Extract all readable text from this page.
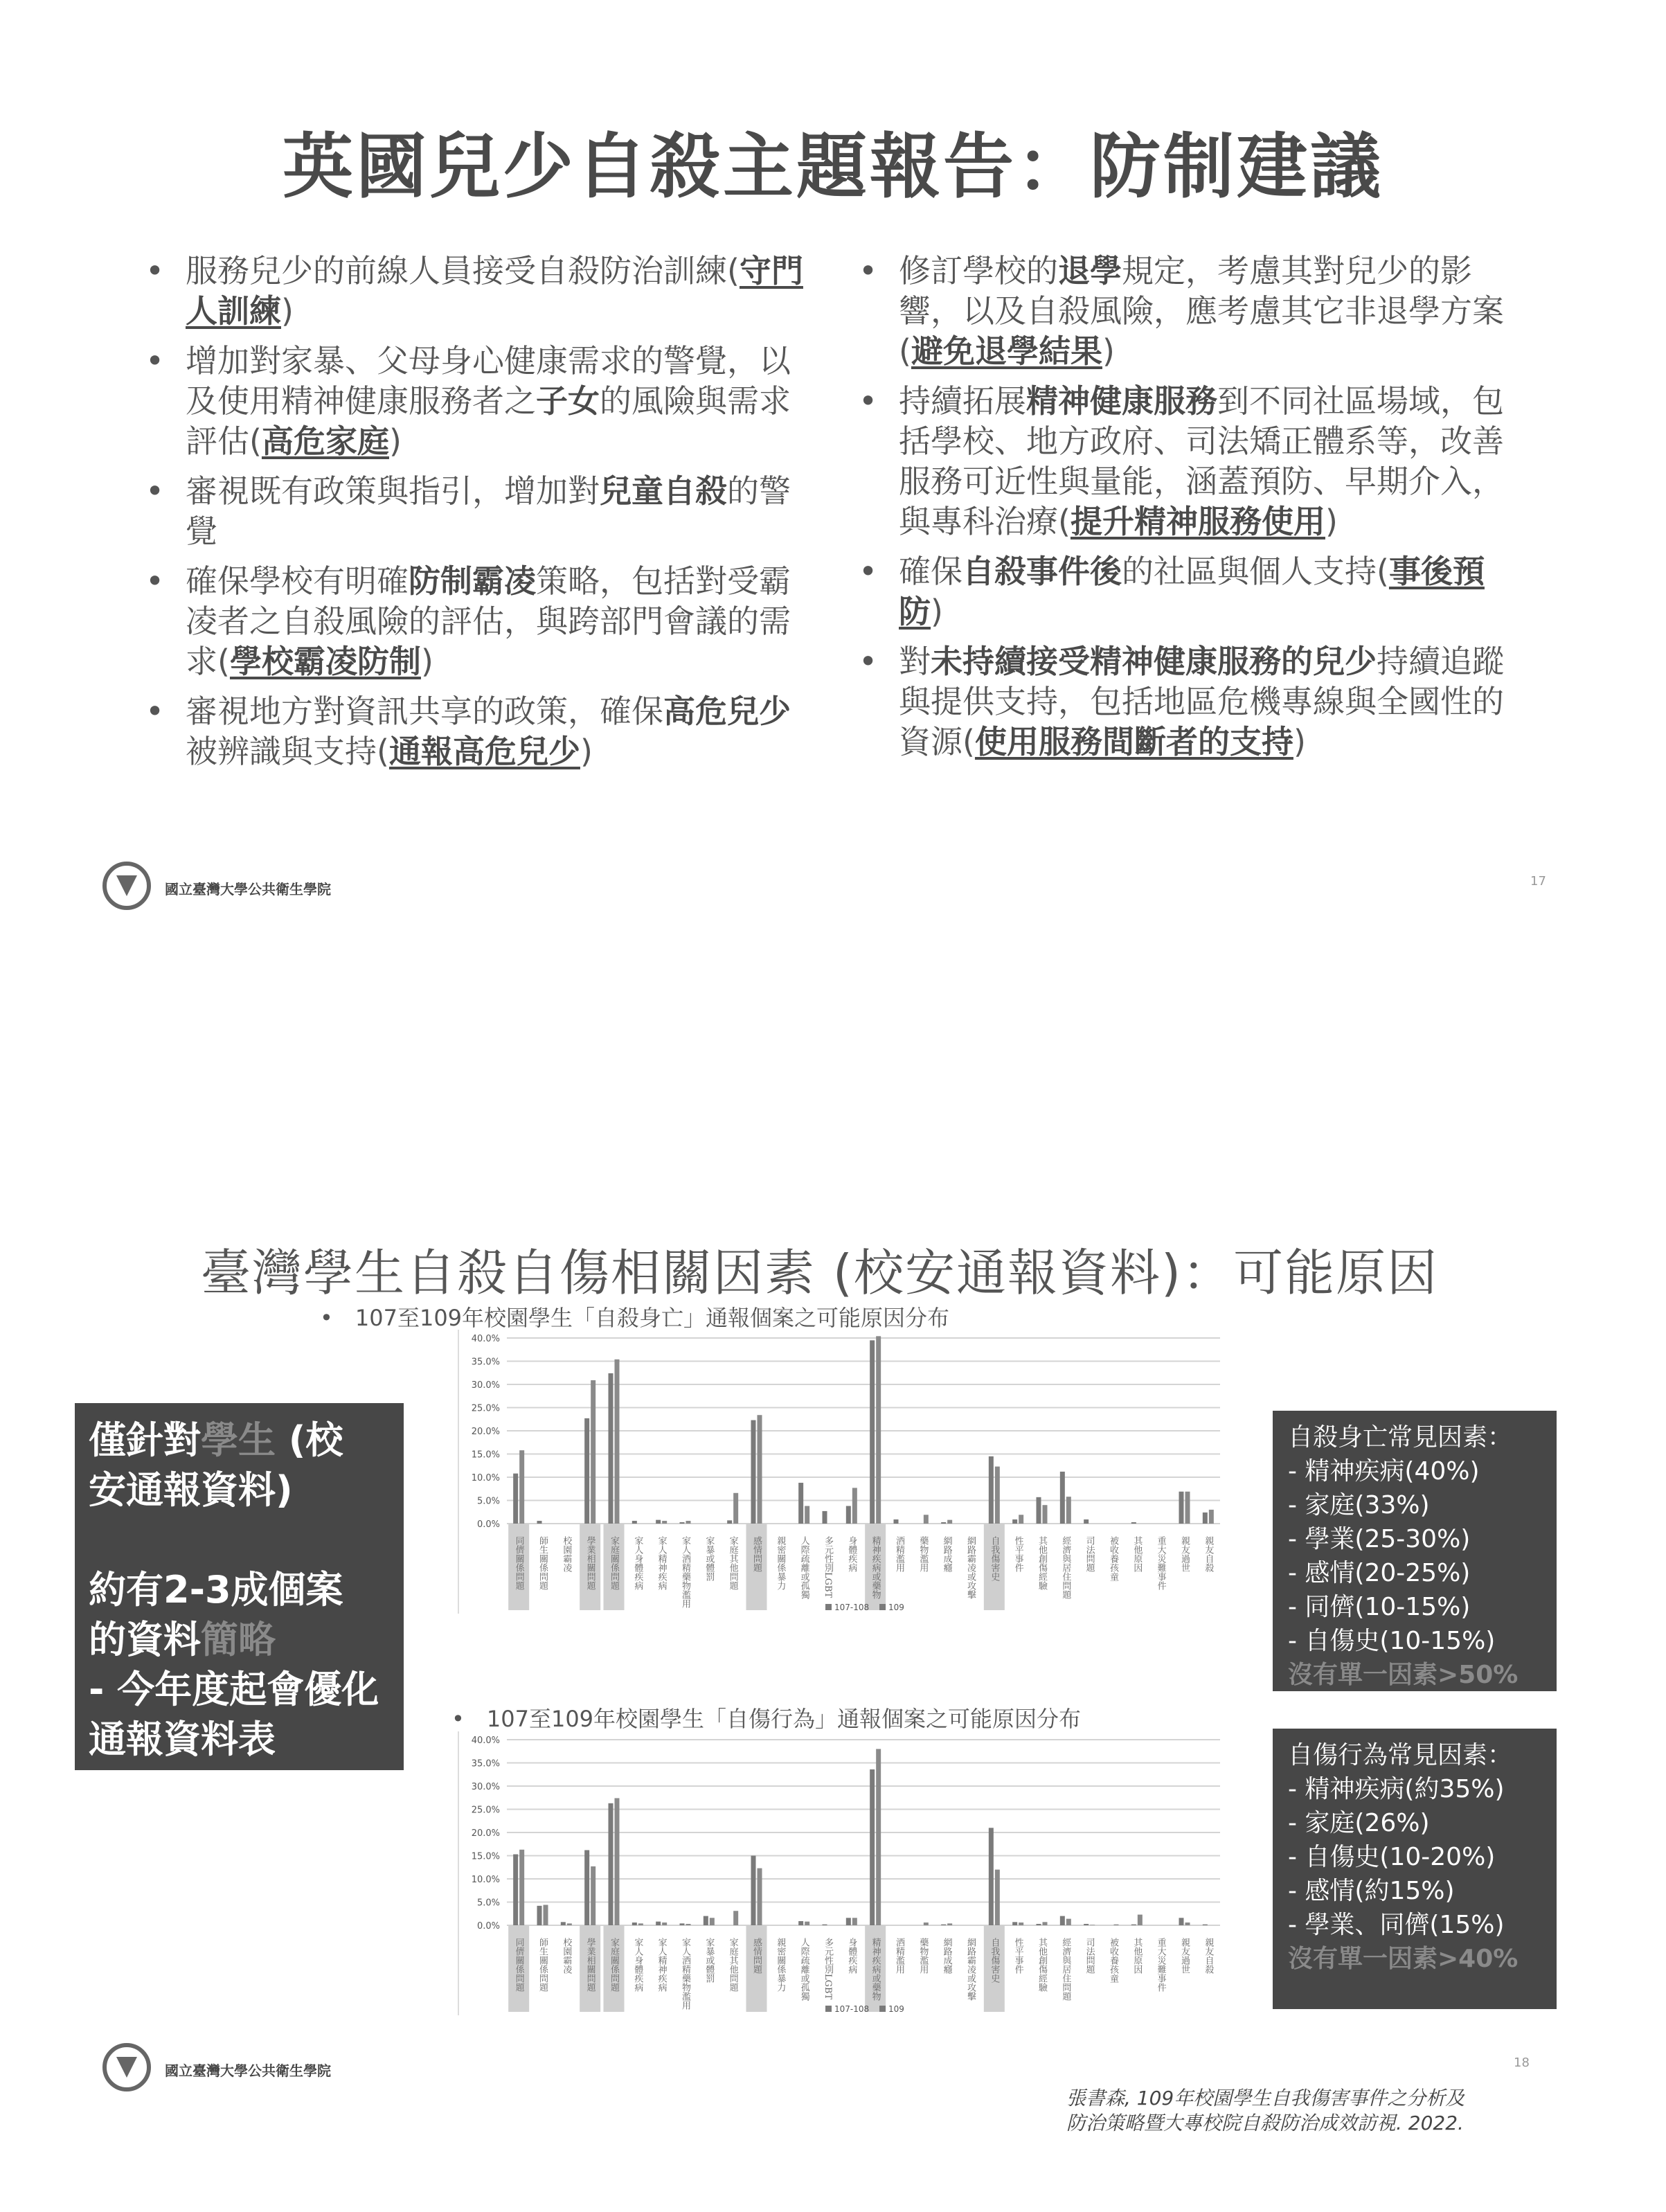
英國兒少自殺主題報告：防制建議
• 服務兒少的前線人員接受自殺防治訓練(守門人訓練)
• 增加對家暴、父母身心健康需求的警覺，以及使用精神健康服務者之子女的風險與需求評估(高危家庭)
• 審視既有政策與指引，增加對兒童自殺的警覺
• 確保學校有明確防制霸凌策略，包括對受霸凌者之自殺風險的評估，與跨部門會議的需求(學校霸凌防制)
• 審視地方對資訊共享的政策，確保高危兒少被辨識與支持(通報高危兒少)
• 修訂學校的退學規定，考慮其對兒少的影響，以及自殺風險，應考慮其它非退學方案(避免退學結果)
• 持續拓展精神健康服務到不同社區場域，包括學校、地方政府、司法矯正體系等，改善服務可近性與量能，涵蓋預防、早期介入，與專科治療(提升精神服務使用)
• 確保自殺事件後的社區與個人支持(事後預防)
• 對未持續接受精神健康服務的兒少持續追蹤與提供支持，包括地區危機專線與全國性的資源(使用服務間斷者的支持)
國立臺灣大學公共衛生學院	17
臺灣學生自殺自傷相關因素 (校安通報資料)：可能原因
• 107至109年校園學生「自殺身亡」通報個案之可能原因分布
僅針對學生 (校
安通報資料)
約有2-3成個案
的資料簡略
- 今年度起會優化
通報資料表
0.0%
5.0%
10.0%
15.0%
20.0%
25.0%
30.0%
35.0%
40.0%
同儕關係問題 師生關係問題 校園霸凌 學業相關問題 家庭關係問題 家人身體疾病 家人精神疾病 家人酒精藥物濫用 家暴或體罰 家庭其他問題 感情問題 親密關係暴力 人際疏離或孤獨 多元性別LGBT 身體疾病 精神疾病或藥物 酒精濫用 藥物濫用 網路成癮 網路霸凌或攻擊 自我傷害史 性平事件 其他創傷經驗 經濟與居住問題 司法問題 被收養孩童 其他原因 重大災難事件 親友過世 親友自殺
107-108 109
• 107至109年校園學生「自傷行為」通報個案之可能原因分布
0.0%
5.0%
10.0%
15.0%
20.0%
25.0%
30.0%
35.0%
40.0%
同儕關係問題 師生關係問題 校園霸凌 學業相關問題 家庭關係問題 家人身體疾病 家人精神疾病 家人酒精藥物濫用 家暴或體罰 家庭其他問題 感情問題 親密關係暴力 人際疏離或孤獨 多元性別LGBT 身體疾病 精神疾病或藥物 酒精濫用 藥物濫用 網路成癮 網路霸凌或攻擊 自我傷害史 性平事件 其他創傷經驗 經濟與居住問題 司法問題 被收養孩童 其他原因 重大災難事件 親友過世 親友自殺
107-108 109
自殺身亡常見因素：
- 精神疾病(40%)
- 家庭(33%)
- 學業(25-30%)
- 感情(20-25%)
- 同儕(10-15%)
- 自傷史(10-15%)
沒有單一因素>50%
自傷行為常見因素：
- 精神疾病(約35%)
- 家庭(26%)
- 自傷史(10-20%)
- 感情(約15%)
- 學業、同儕(15%)
沒有單一因素>40%
張書森, 109年校園學生自我傷害事件之分析及
防治策略暨大專校院自殺防治成效訪視. 2022.
國立臺灣大學公共衛生學院	18
